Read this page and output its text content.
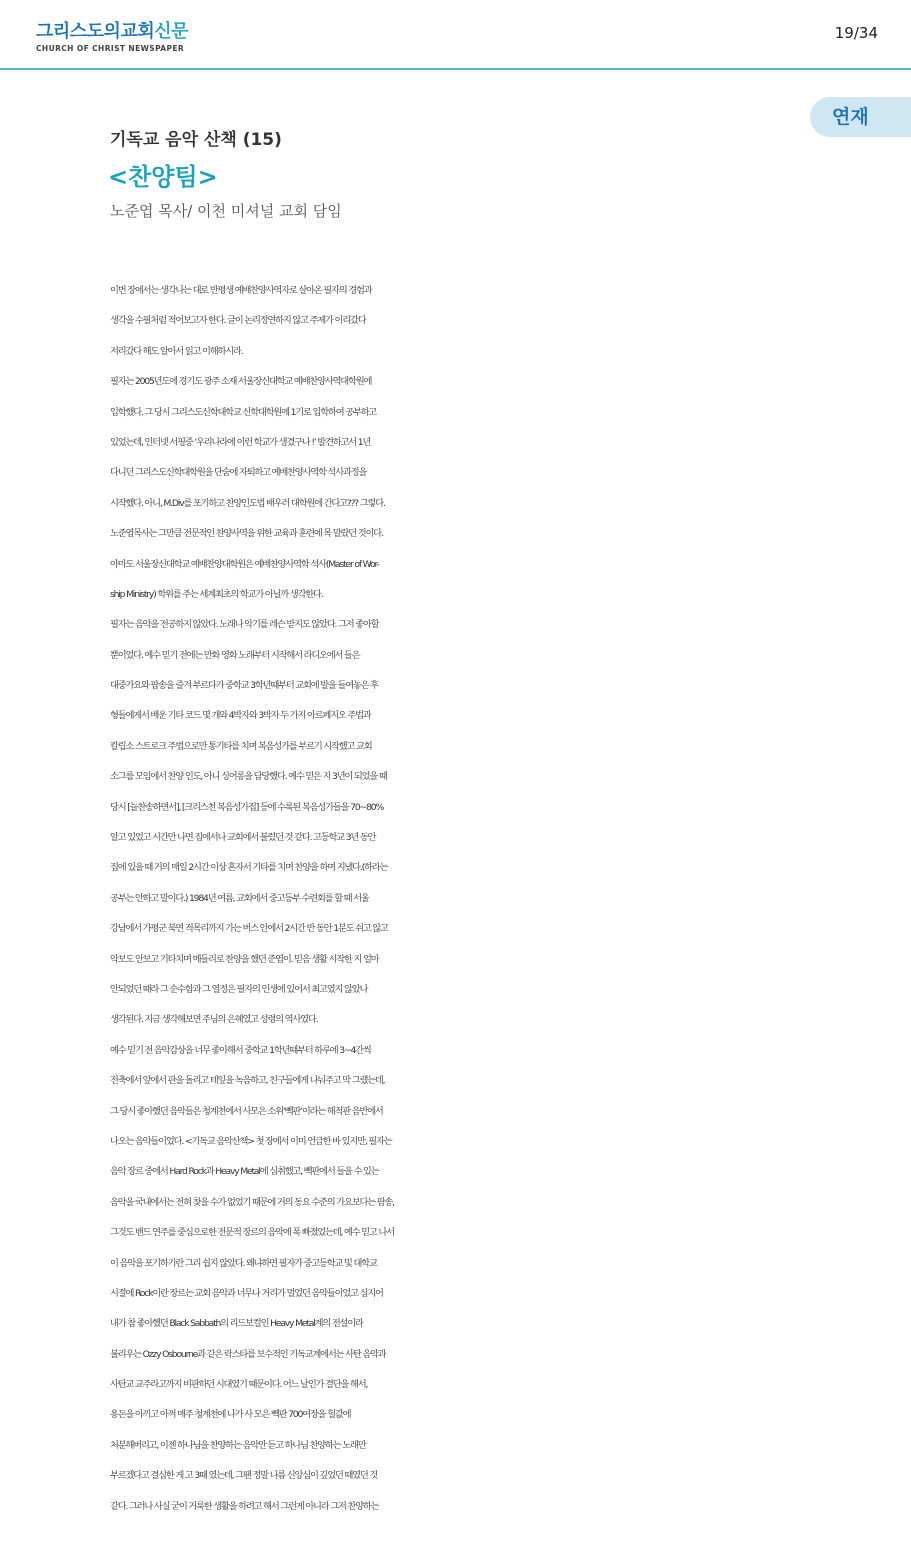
그리스도의교회신문
CHURCH OF CHRIST NEWSPAPER
19/34
연재
기독교 음악 산책 (15)
<찬양팀>
노준엽 목사/ 이천 미셔널 교회 담임
이번 장에서는 생각나는 대로 반평생 예배찬양사역자로 살아온 필자의 경험과
생각을 수필처럼 적어보고자 한다. 글이 논리정연하지 않고 주제가 이리갔다
저리갔다 해도 알아서 읽고 이해하시라.
필자는 2005년도에 경기도 광주 소재 서울장신대학교 예배찬양사역대학원에
입학했다. 그 당시 그리스도신학대학교 신학대학원에 1기로 입학하여 공부하고
있었는데, 인터넷 서핑중 ‘우리나라에 이런 학교가 생겼구나 !’ 발견하고서 1년
다니던 그리스도신학대학원을 단숨에 자퇴하고 예배찬양사역학 석사과정을
시작했다. 아니, M.Div를 포기하고 찬양인도법 배우러 대학원에 간다고??? 그렇다.
노준엽목사는 그만큼 전문적인 찬양사역을 위한 교육과 훈련에 목 말랐던 것이다.
아마도 서울장신대학교 예배찬양대학원은 예배찬양사역학 석사(Master of Wor-
ship Ministry) 학위를 주는 세계최초의 학교가 아닐까 생각한다.
필자는 음악을 전공하지 않았다. 노래나 악기를 레슨 받지도 않았다. 그저 좋아할
뿐이었다. 예수 믿기 전에는 만화 영화 노래부터 시작해서 라디오에서 들은
대중가요와 팝송을 즐겨 부르다가 중학교 3학년때부터 교회에 발을 들여놓은 후
형들에게서 배운 기타 코드 몇 개와 4박자와 3박자 두 가지 아르페지오 주법과
칼립소 스트로크 주법으로만 통기타를 치며 복음성가를 부르기 시작했고 교회
소그룹 모임에서 찬양 인도, 아니 싱어롱을 담당했다. 예수 믿은 지 3년이 되었을 때
당시 [늘찬송하면서], [크리스천 복음성가집] 등에 수록된 복음성가들을 70~80%
알고 있었고 시간만 나면 집에서나 교회에서 불렀던 것 같다. 고등학교 3년 동안
집에 있을 때 거의 매일 2시간 이상 혼자서 기타를 치며 찬양을 하며 지냈다.(하라는
공부는 안하고 말이다.) 1984년 여름, 교회에서 중고등부 수련회를 할 때 서울
강남에서 가평군 북면 적목리까지 가는 버스 안에서 2시간 반 동안 1분도 쉬고 않고
악보도 안보고 기타치며 메들리로 찬양을 했던 준엽이. 믿음 생활 시작한 지 얼마
안되었던 때라 그 순수함과 그 열정은 필자의 인생에 있어서 최고였지 않았나
생각된다. 지금 생각해보면 주님의 은혜였고 성령의 역사였다.
예수 믿기 전 음악감상을 너무 좋아해서 중학교 1학년때부터 하루에 3~4간씩
전축에서 앞에서 판을 돌리고 테잎을 녹음하고, 친구들에게 나눠주고 막 그랬는데,
그 당시 좋아했던 음악들은 청계천에서 사모은 소위‘빽판’이라는 해적판 음반에서
나오는 음악들이었다. <기독교 음악산책> 첫 장에서 이미 언급한 바 있지만, 필자는
음악 장르 중에서 Hard Rock과 Heavy Metal에 심취했고, 빽판에서 들을 수 있는
음악을 국내에서는 전혀 찾을 수가 없었기 때문에 거의 동요 수준의 가요보다는 팝송,
그것도 밴드 연주를 중심으로한 전문적 장르의 음악에 폭 빠졌었는데, 예수 믿고 나서
이 음악을 포기하기란 그리 쉽지 않았다. 왜냐하면 필자가 중고등학교 및 대학교
시절에 Rock이란 장르는 교회 음악과 너무나 거리가 멀었던 음악들이었고 심지어
내가 참 좋아했던 Black Sabbath의 리드보컬인 Heavy Metal계의 전설이라
불리우는 Ozzy Osbourne과 같은 락스타를 보수적인 기독교계에서는 사탄 음악과
사탄교 교주라고까지 비판하던 시대였기 때문이다. 어느 날인가 결단을 해서,
용돈을 아끼고 아껴 매주 청계천에 나가 사 모은 빽판 700여장을 헐값에
처분해버리고, 이젠 하나님을 찬양하는 음악만 듣고 하나님 찬양하는 노래만
부르겠다고 결심한 게 고 3때 였는데, 그땐 정말 나름 신앙심이 깊었던 때였던 것
같다. 그러나 사실 굳이 거룩한 생활을 하려고 해서 그런게 아니라 그저 찬양하는
